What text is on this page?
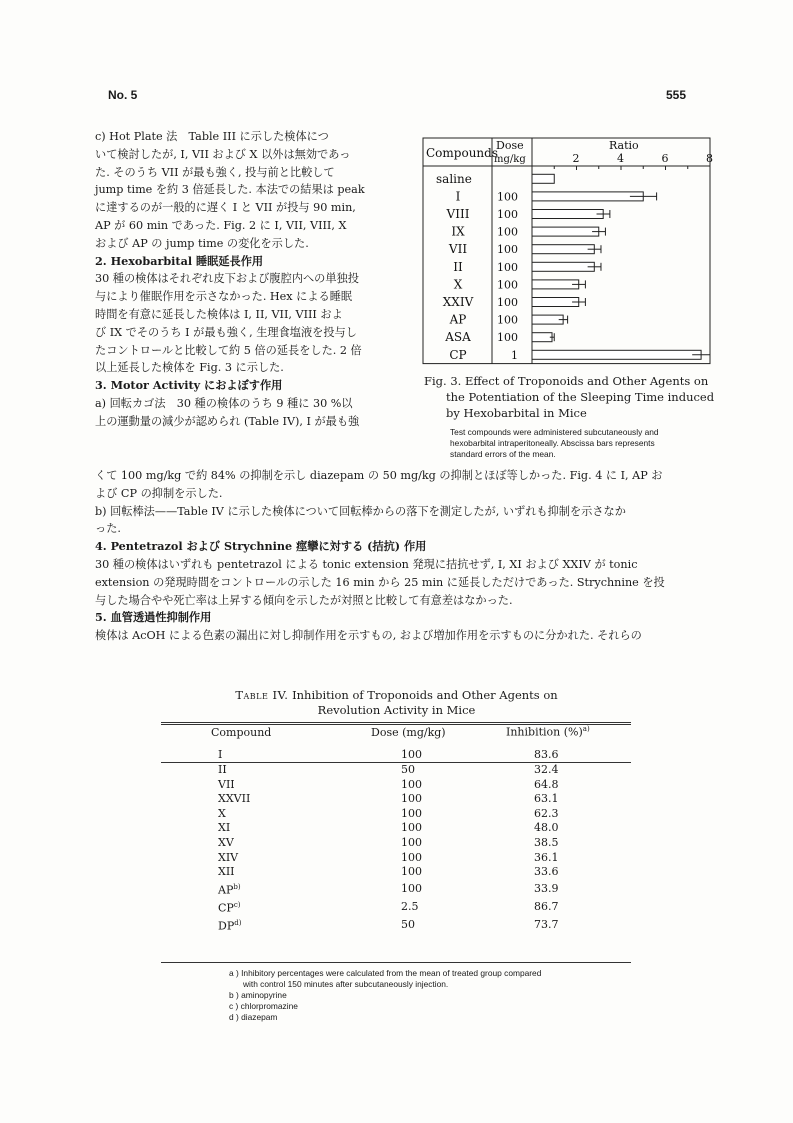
No. 5	555

c) Hot Plate 法　Table III に示した検体につ

いて検討したが, I, VII および X 以外は無効であっ

た. そのうち VII が最も強く, 投与前と比較して

jump time を約 3 倍延長した. 本法での結果は peak

に達するのが一般的に遅く I と VII が投与 90 min,

AP が 60 min であった. Fig. 2 に I, VII, VIII, X

および AP の jump time の変化を示した.

2. Hexobarbital 睡眠延長作用

30 種の検体はそれぞれ皮下および腹腔内への単独投

与により催眠作用を示さなかった. Hex による睡眠

時間を有意に延長した検体は I, II, VII, VIII およ

び IX でそのうち I が最も強く, 生理食塩液を投与し

たコントロールと比較して約 5 倍の延長をした. 2 倍

以上延長した検体を Fig. 3 に示した.

3. Motor Activity におよぼす作用

a) 回転カゴ法　30 種の検体のうち 9 種に 30 %以

上の運動量の減少が認められ (Table IV), I が最も強

Compounds
Dose
mg/kg
Ratio
2	4	6	8
saline
I	100
VIII	100
IX	100
VII	100
II	100
X	100
XXIV 100
AP	100
ASA 100
CP	1
Fig. 3. Effect of Troponoids and Other Agents on

the Potentiation of the Sleeping Time induced
by Hexobarbital in Mice
Test compounds were administered subcutaneously and
hexobarbital intraperitoneally. Abscissa bars represents
standard errors of the mean.

くて 100 mg/kg で約 84% の抑制を示し diazepam の 50 mg/kg の抑制とほぼ等しかった. Fig. 4 に I, AP お

よび CP の抑制を示した.

b) 回転棒法——Table IV に示した検体について回転棒からの落下を測定したが, いずれも抑制を示さなか

った.

4. Pentetrazol および Strychnine 痙攣に対する (拮抗) 作用

30 種の検体はいずれも pentetrazol による tonic extension 発現に拮抗せず, I, XI および XXIV が tonic

extension の発現時間をコントロールの示した 16 min から 25 min に延長しただけであった. Strychnine を投

与した場合やや死亡率は上昇する傾向を示したが対照と比較して有意差はなかった.

5. 血管透過性抑制作用

検体は AcOH による色素の漏出に対し抑制作用を示すもの, および増加作用を示すものに分かれた. それらの

Table IV. Inhibition of Troponoids and Other Agents on
Revolution Activity in Mice
	Compound	Dose (mg/kg)	Inhibition (%)$^{a)}$
	I	100	83.6
	II	50	32.4
	VII	100	64.8
	XXVII	100	63.1
	X	100	62.3
	XI	100	48.0
	XV	100	38.5
	XIV	100	36.1
	XII	100	33.6
	AP$^{b)}$	100	33.9
	CP$^{c)}$	2.5	86.7
	DP$^{d)}$	50	73.7

a ) Inhibitory percentages were calculated from the mean of treated group compared

with control 150 minutes after subcutaneously injection.

b ) aminopyrine

c ) chlorpromazine

d ) diazepam
